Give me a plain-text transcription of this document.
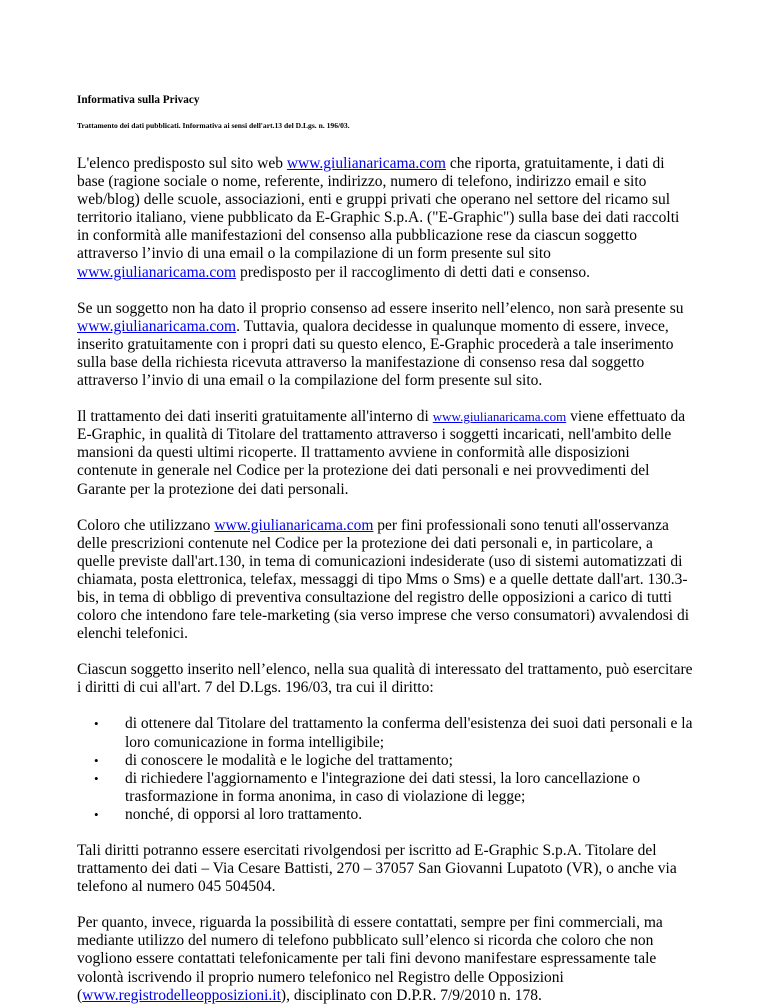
Informativa sulla Privacy

Trattamento dei dati pubblicati. Informativa ai sensi dell'art.13 del D.Lgs. n. 196/03.

L'elenco predisposto sul sito web www.giulianaricama.com che riporta, gratuitamente, i dati di base (ragione sociale o nome, referente, indirizzo, numero di telefono, indirizzo email e sito web/blog) delle scuole, associazioni, enti e gruppi privati che operano nel settore del ricamo sul territorio italiano, viene pubblicato da E-Graphic S.p.A. ("E-Graphic") sulla base dei dati raccolti in conformità alle manifestazioni del consenso alla pubblicazione rese da ciascun soggetto attraverso l’invio di una email o la compilazione di un form presente sul sito www.giulianaricama.com predisposto per il raccoglimento di detti dati e consenso.

Se un soggetto non ha dato il proprio consenso ad essere inserito nell’elenco, non sarà presente su www.giulianaricama.com. Tuttavia, qualora decidesse in qualunque momento di essere, invece, inserito gratuitamente con i propri dati su questo elenco, E-Graphic procederà a tale inserimento sulla base della richiesta ricevuta attraverso la manifestazione di consenso resa dal soggetto attraverso l’invio di una email o la compilazione del form presente sul sito.

Il trattamento dei dati inseriti gratuitamente all'interno di www.giulianaricama.com viene effettuato da E-Graphic, in qualità di Titolare del trattamento attraverso i soggetti incaricati, nell'ambito delle mansioni da questi ultimi ricoperte. Il trattamento avviene in conformità alle disposizioni contenute in generale nel Codice per la protezione dei dati personali e nei provvedimenti del Garante per la protezione dei dati personali.

Coloro che utilizzano www.giulianaricama.com per fini professionali sono tenuti all'osservanza delle prescrizioni contenute nel Codice per la protezione dei dati personali e, in particolare, a quelle previste dall'art.130, in tema di comunicazioni indesiderate (uso di sistemi automatizzati di chiamata, posta elettronica, telefax, messaggi di tipo Mms o Sms) e a quelle dettate dall'art. 130.3-bis, in tema di obbligo di preventiva consultazione del registro delle opposizioni a carico di tutti coloro che intendono fare tele-marketing (sia verso imprese che verso consumatori) avvalendosi di elenchi telefonici.

Ciascun soggetto inserito nell’elenco, nella sua qualità di interessato del trattamento, può esercitare i diritti di cui all'art. 7 del D.Lgs. 196/03, tra cui il diritto:

• di ottenere dal Titolare del trattamento la conferma dell'esistenza dei suoi dati personali e la loro comunicazione in forma intelligibile;
• di conoscere le modalità e le logiche del trattamento;
• di richiedere l'aggiornamento e l'integrazione dei dati stessi, la loro cancellazione o trasformazione in forma anonima, in caso di violazione di legge;
• nonché, di opporsi al loro trattamento.

Tali diritti potranno essere esercitati rivolgendosi per iscritto ad E-Graphic S.p.A. Titolare del trattamento dei dati – Via Cesare Battisti, 270 – 37057 San Giovanni Lupatoto (VR), o anche via telefono al numero 045 504504.

Per quanto, invece, riguarda la possibilità di essere contattati, sempre per fini commerciali, ma mediante utilizzo del numero di telefono pubblicato sull’elenco si ricorda che coloro che non vogliono essere contattati telefonicamente per tali fini devono manifestare espressamente tale volontà iscrivendo il proprio numero telefonico nel Registro delle Opposizioni (www.registrodelleopposizioni.it), disciplinato con D.P.R. 7/9/2010 n. 178.
